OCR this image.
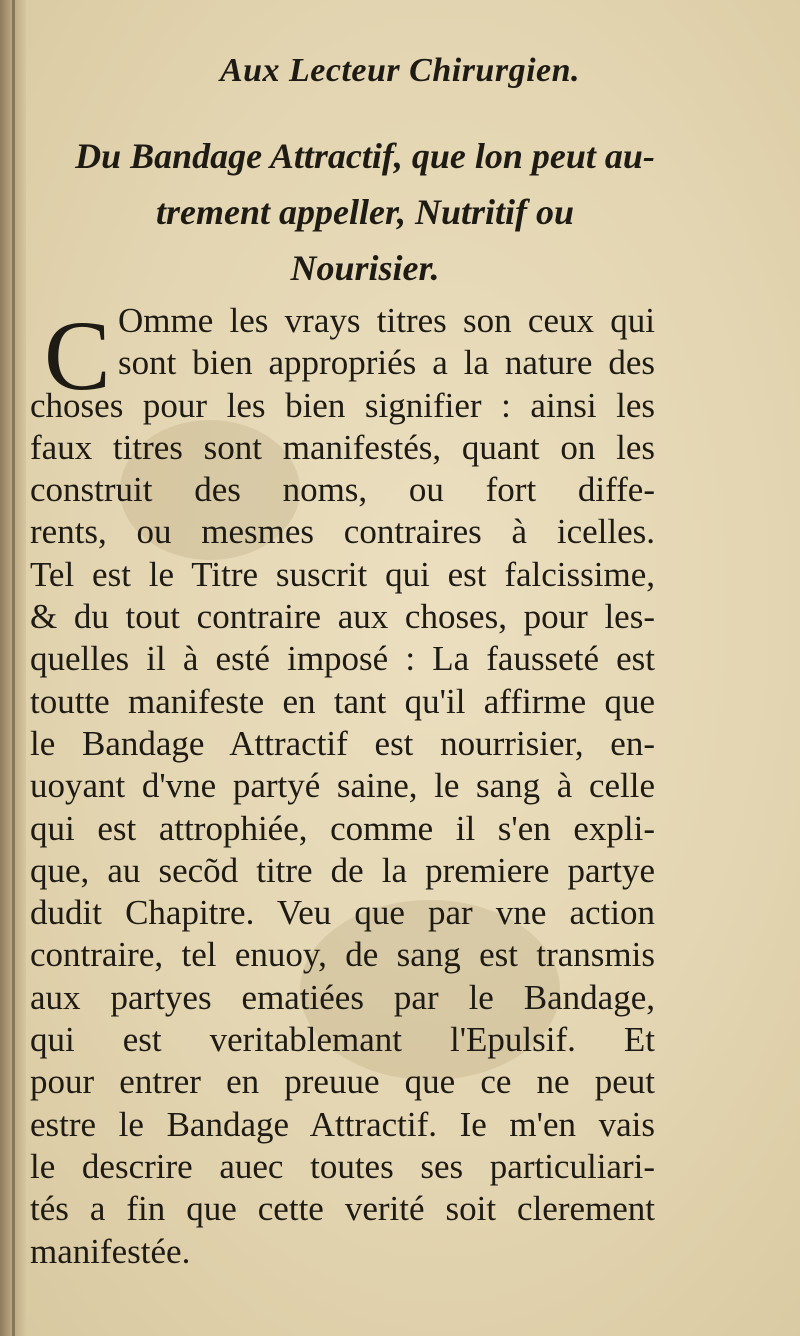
Aux Lecteur Chirurgien.
Du Bandage Attractif, que lon peut au-
trement appeller, Nutritif ou
Nourisier.
C Omme les vrays titres son ceux qui
sont bien appropriés a la nature des
choses pour les bien signifier : ainsi les
faux titres sont manifestés, quant on les
construit des noms, ou fort diffe-
rents, ou mesmes contraires à icelles.
Tel est le Titre suscrit qui est falcissime,
& du tout contraire aux choses, pour les-
quelles il à esté imposé : La fausseté est
toutte manifeste en tant qu'il affirme que
le Bandage Attractif est nourrisier, en-
uoyant d'vne partyé saine, le sang à celle
qui est attrophiée, comme il s'en expli-
que, au secõd titre de la premiere partye
dudit Chapitre. Veu que par vne action
contraire, tel enuoy, de sang est transmis
aux partyes ematiées par le Bandage,
qui est veritablemant l'Epulsif. Et
pour entrer en preuue que ce ne peut
estre le Bandage Attractif. Ie m'en vais
le descrire auec toutes ses particuliari-
tés a fin que cette verité soit clerement
manifestée.
